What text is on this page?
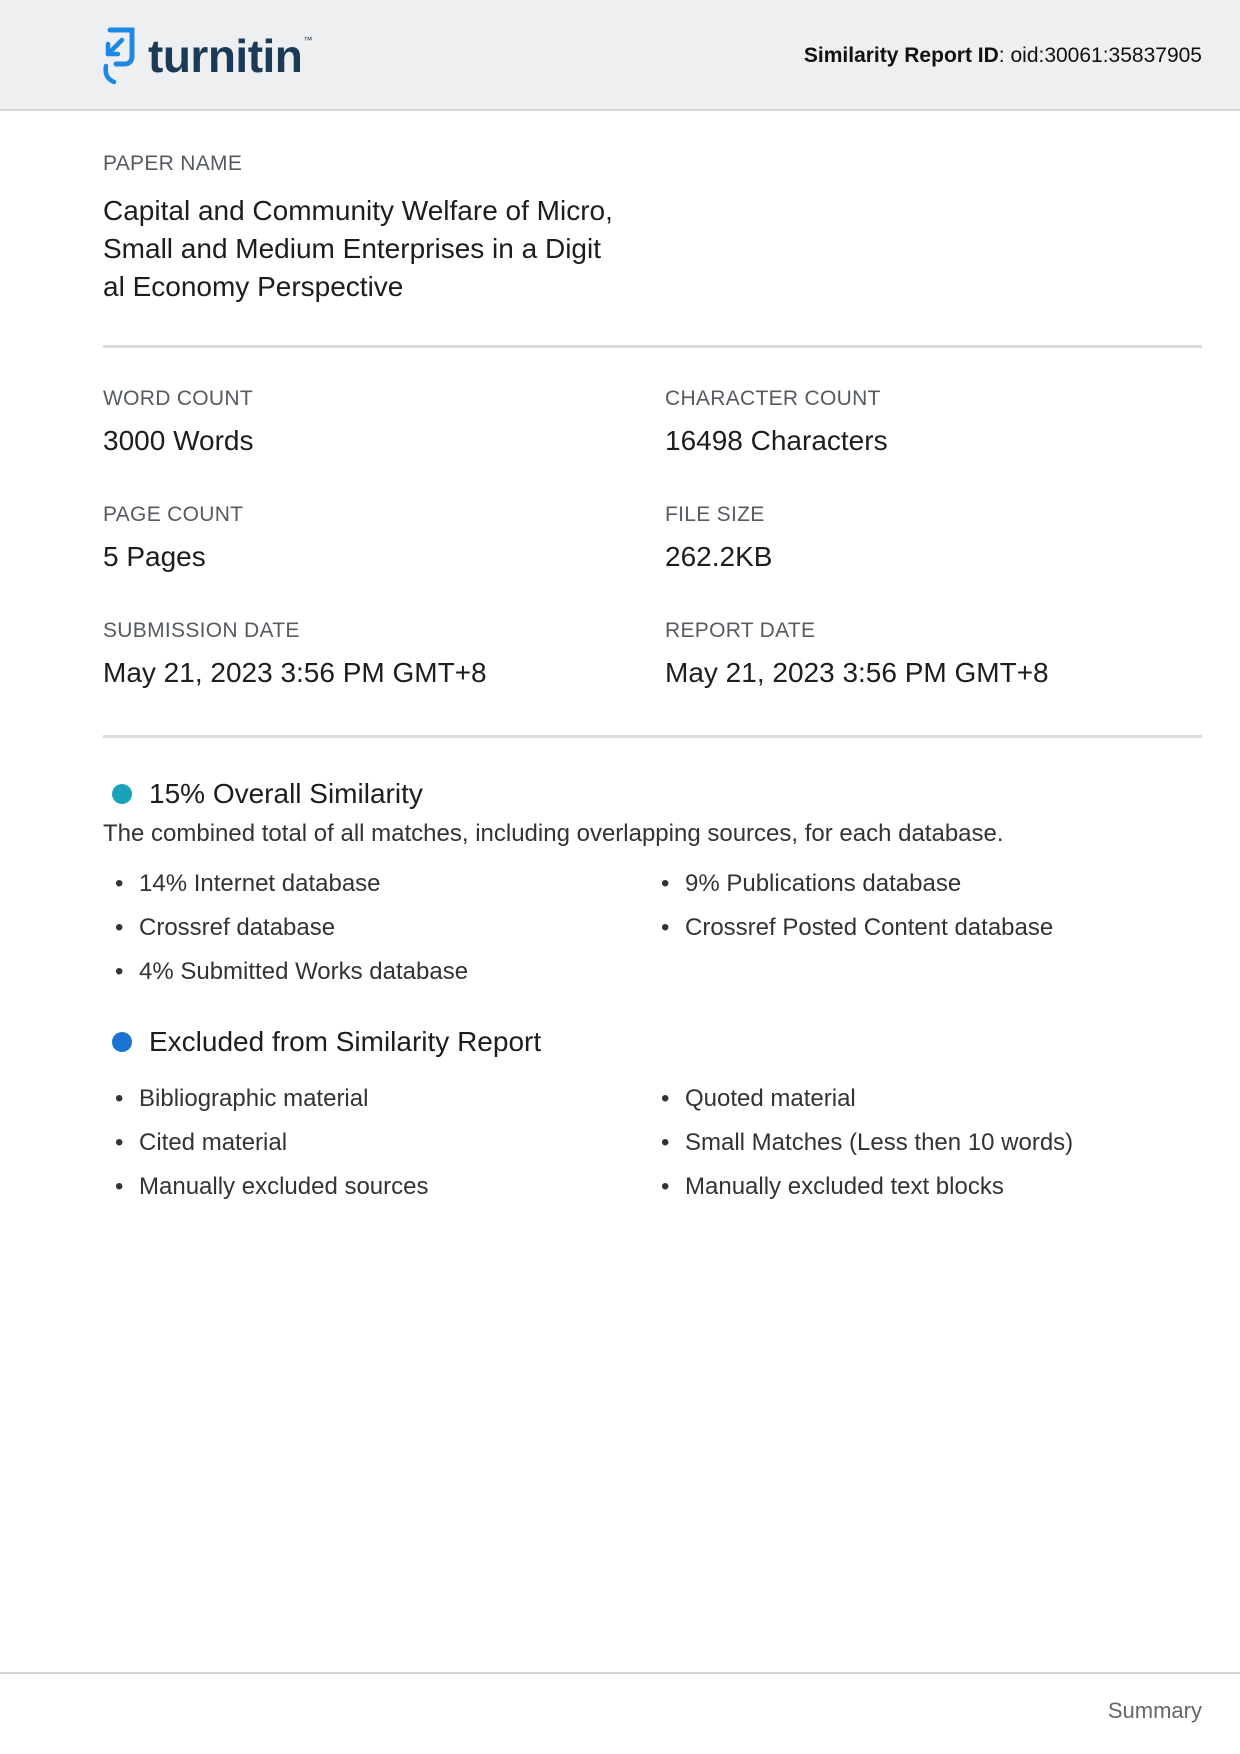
turnitin ™
Similarity Report ID: oid:30061:35837905
PAPER NAME
Capital and Community Welfare of Micro,
Small and Medium Enterprises in a Digit
al Economy Perspective
WORD COUNT
3000 Words
CHARACTER COUNT
16498 Characters
PAGE COUNT
5 Pages
FILE SIZE
262.2KB
SUBMISSION DATE
May 21, 2023 3:56 PM GMT+8
REPORT DATE
May 21, 2023 3:56 PM GMT+8
15% Overall Similarity
The combined total of all matches, including overlapping sources, for each database.
• 14% Internet database
• Crossref database
• 4% Submitted Works database
• 9% Publications database
• Crossref Posted Content database
Excluded from Similarity Report
• Bibliographic material
• Cited material
• Manually excluded sources
• Quoted material
• Small Matches (Less then 10 words)
• Manually excluded text blocks
Summary
